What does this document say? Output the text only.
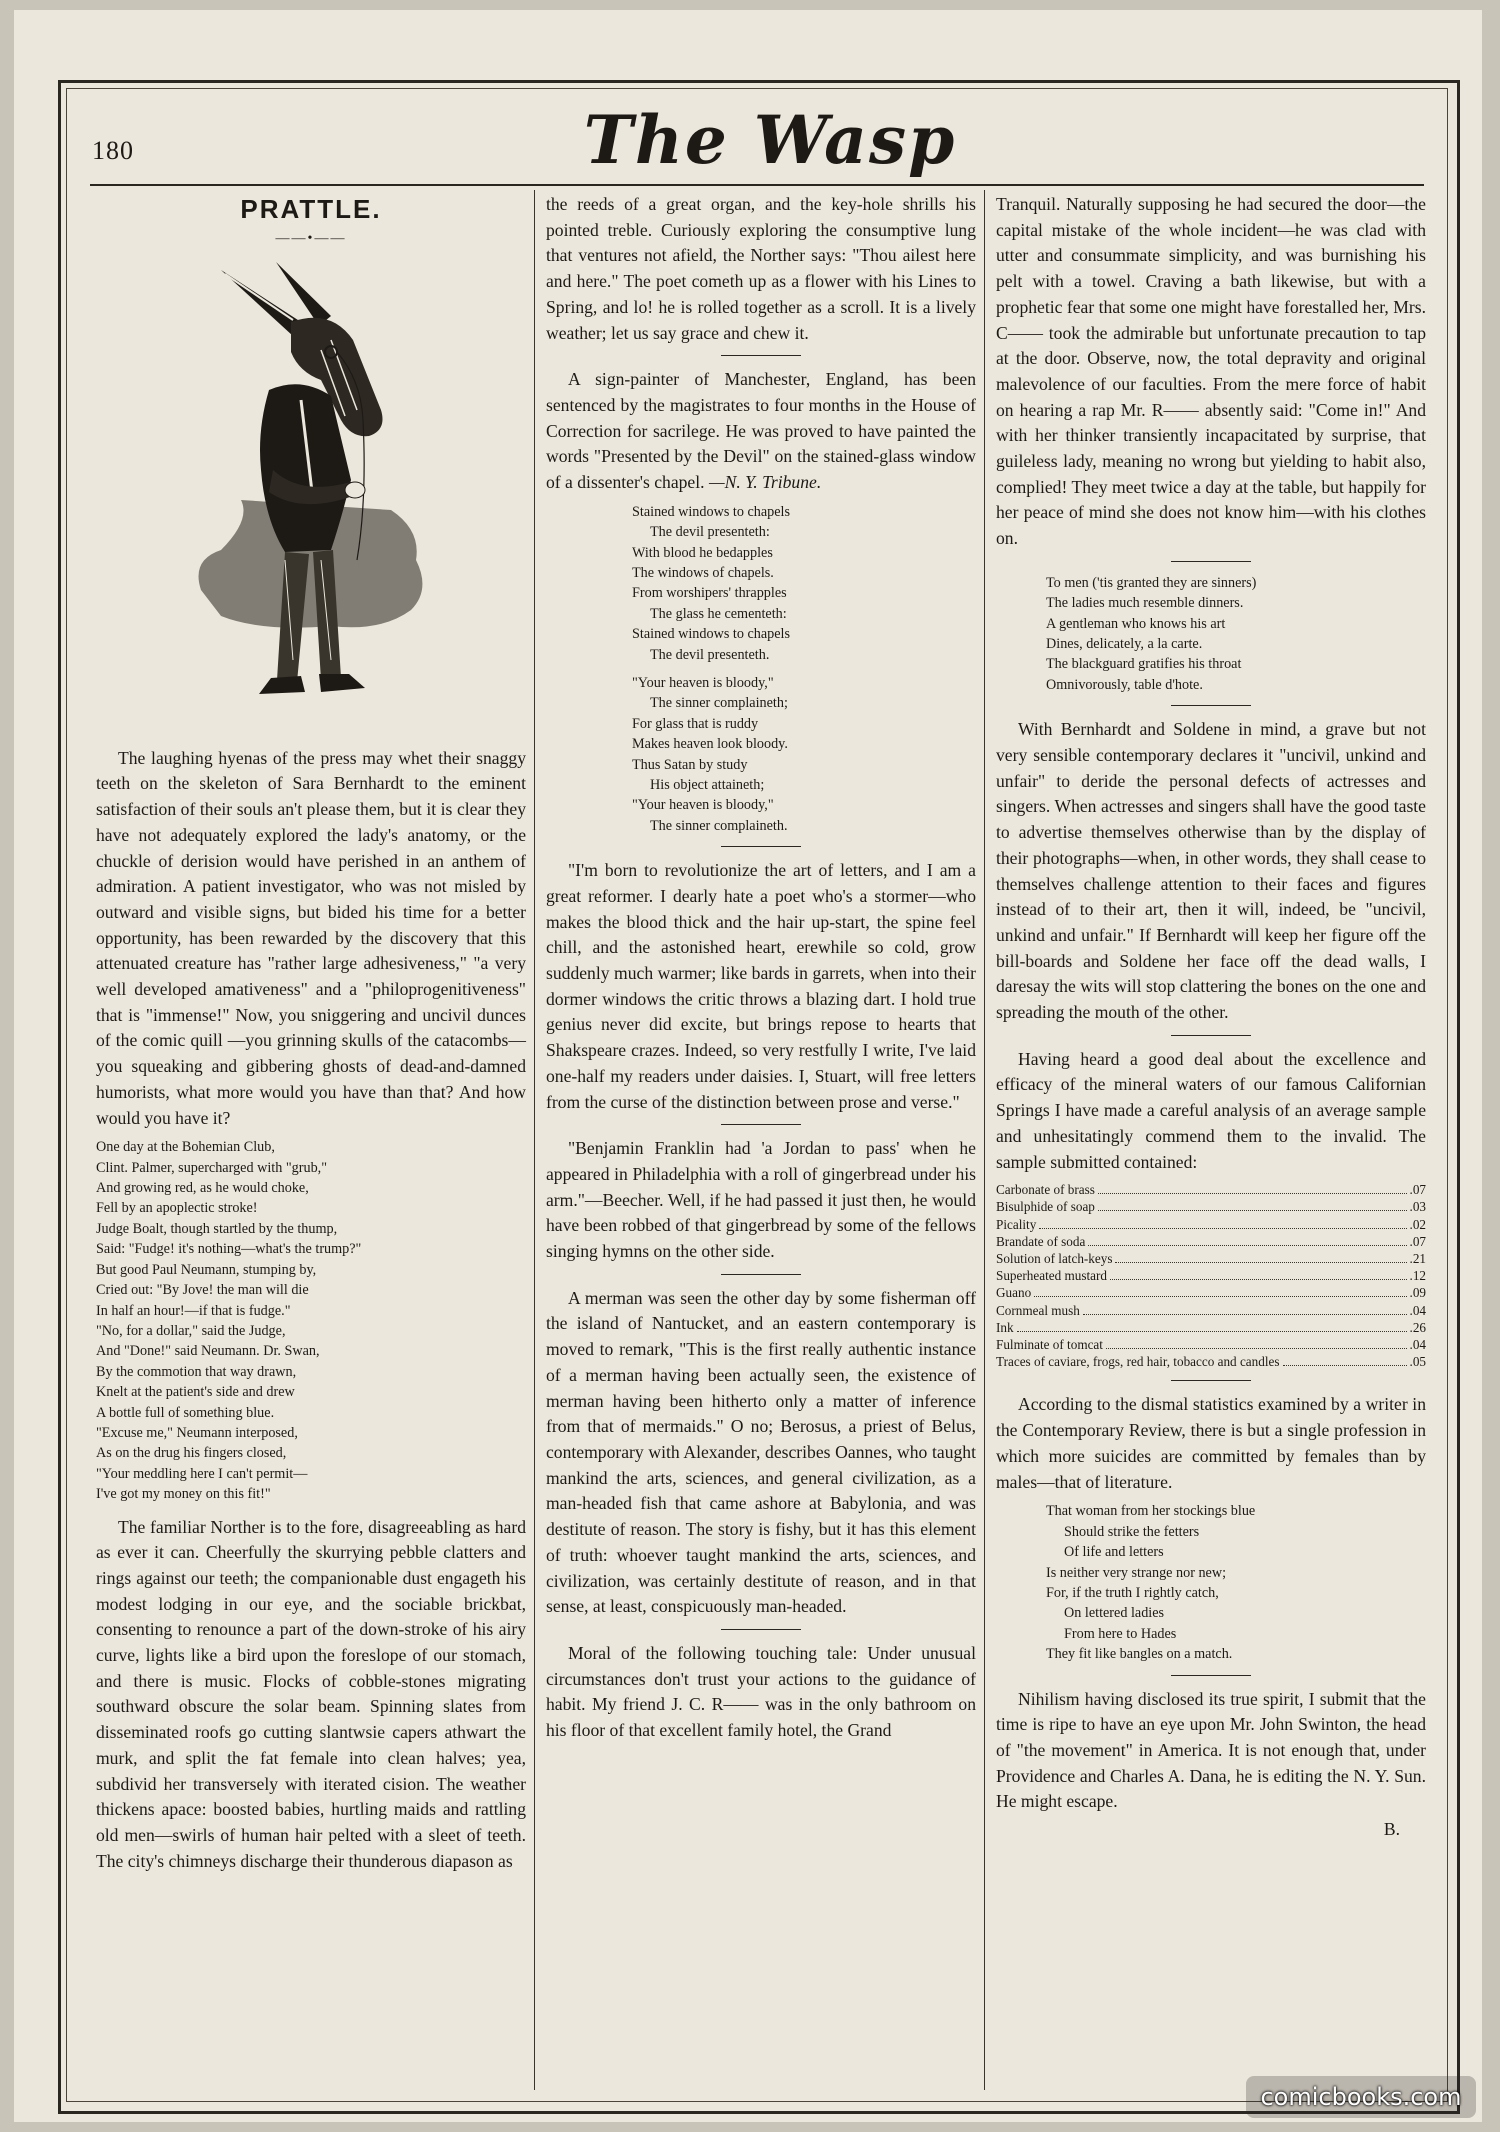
180	The Wasp
PRATTLE.
——•——

The laughing hyenas of the press may whet their snaggy teeth on the skeleton of Sara Bernhardt to the eminent satisfaction of their souls an't please them, but it is clear they have not adequately explored the lady's anatomy, or the chuckle of derision would have perished in an anthem of admiration. A patient investigator, who was not misled by outward and visible signs, but bided his time for a better opportunity, has been rewarded by the discovery that this attenuated creature has "rather large adhesiveness," "a very well developed amativeness" and a "philoprogenitiveness" that is "immense!" Now, you sniggering and uncivil dunces of the comic quill —you grinning skulls of the catacombs—you squeaking and gibbering ghosts of dead-and-damned humorists, what more would you have than that? And how would you have it?

One day at the Bohemian Club,
Clint. Palmer, supercharged with "grub,"
And growing red, as he would choke,
Fell by an apoplectic stroke!
Judge Boalt, though startled by the thump,
Said: "Fudge! it's nothing—what's the trump?"
But good Paul Neumann, stumping by,
Cried out: "By Jove! the man will die
In half an hour!—if that is fudge."
"No, for a dollar," said the Judge,
And "Done!" said Neumann. Dr. Swan,
By the commotion that way drawn,
Knelt at the patient's side and drew
A bottle full of something blue.
"Excuse me," Neumann interposed,
As on the drug his fingers closed,
"Your meddling here I can't permit—
I've got my money on this fit!"

The familiar Norther is to the fore, disagreeabling as hard as ever it can. Cheerfully the skurrying pebble clatters and rings against our teeth; the companionable dust engageth his modest lodging in our eye, and the sociable brickbat, consenting to renounce a part of the down-stroke of his airy curve, lights like a bird upon the foreslope of our stomach, and there is music. Flocks of cobble-stones migrating southward obscure the solar beam. Spinning slates from disseminated roofs go cutting slantwsie capers athwart the murk, and split the fat female into clean halves; yea, subdivid her transversely with iterated cision. The weather thickens apace: boosted babies, hurtling maids and rattling old men—swirls of human hair pelted with a sleet of teeth. The city's chimneys discharge their thunderous diapason as

the reeds of a great organ, and the key-hole shrills his pointed treble. Curiously exploring the consumptive lung that ventures not afield, the Norther says: "Thou ailest here and here." The poet cometh up as a flower with his Lines to Spring, and lo! he is rolled together as a scroll. It is a lively weather; let us say grace and chew it.

A sign-painter of Manchester, England, has been sentenced by the magistrates to four months in the House of Correction for sacrilege. He was proved to have painted the words "Presented by the Devil" on the stained-glass window of a dissenter's chapel. —N. Y. Tribune.

Stained windows to chapels
The devil presenteth:
With blood he bedapples
The windows of chapels.
From worshipers' thrapples
The glass he cementeth:
Stained windows to chapels
The devil presenteth.
"Your heaven is bloody,"
The sinner complaineth;
For glass that is ruddy
Makes heaven look bloody.
Thus Satan by study
His object attaineth;
"Your heaven is bloody,"
The sinner complaineth.

"I'm born to revolutionize the art of letters, and I am a great reformer. I dearly hate a poet who's a stormer—who makes the blood thick and the hair up-start, the spine feel chill, and the astonished heart, erewhile so cold, grow suddenly much warmer; like bards in garrets, when into their dormer windows the critic throws a blazing dart. I hold true genius never did excite, but brings repose to hearts that Shakspeare crazes. Indeed, so very restfully I write, I've laid one-half my readers under daisies. I, Stuart, will free letters from the curse of the distinction between prose and verse."

"Benjamin Franklin had 'a Jordan to pass' when he appeared in Philadelphia with a roll of gingerbread under his arm."—Beecher. Well, if he had passed it just then, he would have been robbed of that gingerbread by some of the fellows singing hymns on the other side.

A merman was seen the other day by some fisherman off the island of Nantucket, and an eastern contemporary is moved to remark, "This is the first really authentic instance of a merman having been actually seen, the existence of merman having been hitherto only a matter of inference from that of mermaids." O no; Berosus, a priest of Belus, contemporary with Alexander, describes Oannes, who taught mankind the arts, sciences, and general civilization, as a man-headed fish that came ashore at Babylonia, and was destitute of reason. The story is fishy, but it has this element of truth: whoever taught mankind the arts, sciences, and civilization, was certainly destitute of reason, and in that sense, at least, conspicuously man-headed.

Moral of the following touching tale: Under unusual circumstances don't trust your actions to the guidance of habit. My friend J. C. R—— was in the only bathroom on his floor of that excellent family hotel, the Grand

Tranquil. Naturally supposing he had secured the door—the capital mistake of the whole incident—he was clad with utter and consummate simplicity, and was burnishing his pelt with a towel. Craving a bath likewise, but with a prophetic fear that some one might have forestalled her, Mrs. C—— took the admirable but unfortunate precaution to tap at the door. Observe, now, the total depravity and original malevolence of our faculties. From the mere force of habit on hearing a rap Mr. R—— absently said: "Come in!" And with her thinker transiently incapacitated by surprise, that guileless lady, meaning no wrong but yielding to habit also, complied! They meet twice a day at the table, but happily for her peace of mind she does not know him—with his clothes on.

To men ('tis granted they are sinners)
The ladies much resemble dinners.
A gentleman who knows his art
Dines, delicately, a la carte.
The blackguard gratifies his throat
Omnivorously, table d'hote.

With Bernhardt and Soldene in mind, a grave but not very sensible contemporary declares it "uncivil, unkind and unfair" to deride the personal defects of actresses and singers. When actresses and singers shall have the good taste to advertise themselves otherwise than by the display of their photographs—when, in other words, they shall cease to themselves challenge attention to their faces and figures instead of to their art, then it will, indeed, be "uncivil, unkind and unfair." If Bernhardt will keep her figure off the bill-boards and Soldene her face off the dead walls, I daresay the wits will stop clattering the bones on the one and spreading the mouth of the other.

Having heard a good deal about the excellence and efficacy of the mineral waters of our famous Californian Springs I have made a careful analysis of an average sample and unhesitatingly commend them to the invalid. The sample submitted contained:

Carbonate of brass	.07
Bisulphide of soap	.03
Picality	.02
Brandate of soda	.07
Solution of latch-keys	.21
Superheated mustard	.12
Guano	.09
Cornmeal mush	.04
Ink	.26
Fulminate of tomcat	.04
Traces of caviare, frogs, red hair, tobacco and candles	.05

According to the dismal statistics examined by a writer in the Contemporary Review, there is but a single profession in which more suicides are committed by females than by males—that of literature.

That woman from her stockings blue
Should strike the fetters
Of life and letters
Is neither very strange nor new;
For, if the truth I rightly catch,
On lettered ladies
From here to Hades
They fit like bangles on a match.

Nihilism having disclosed its true spirit, I submit that the time is ripe to have an eye upon Mr. John Swinton, the head of "the movement" in America. It is not enough that, under Providence and Charles A. Dana, he is editing the N. Y. Sun. He might escape.

B.
comicbooks.com
